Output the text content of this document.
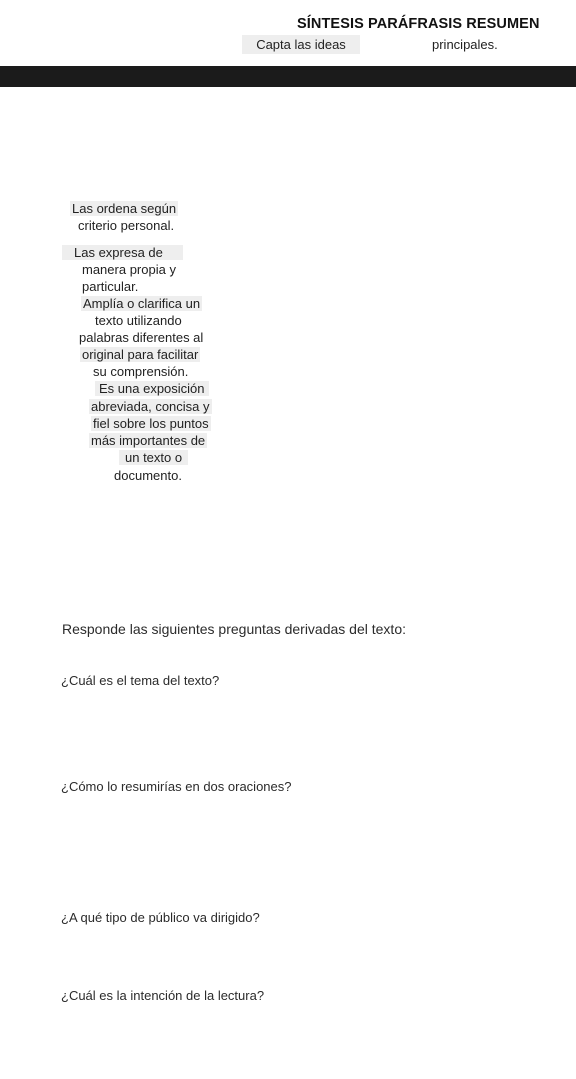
SÍNTESIS PARÁFRASIS RESUMEN
Capta las ideas	principales.
Las ordena según
criterio personal.
Las expresa de
manera propia y
particular.
Amplía o clarifica un
texto utilizando
palabras diferentes al
original para facilitar
su comprensión.
Es una exposición
abreviada, concisa y
fiel sobre los puntos
más importantes de
un texto o
documento.
Responde las siguientes preguntas derivadas del texto:
¿Cuál es el tema del texto?
¿Cómo lo resumirías en dos oraciones?
¿A qué tipo de público va dirigido?
¿Cuál es la intención de la lectura?
